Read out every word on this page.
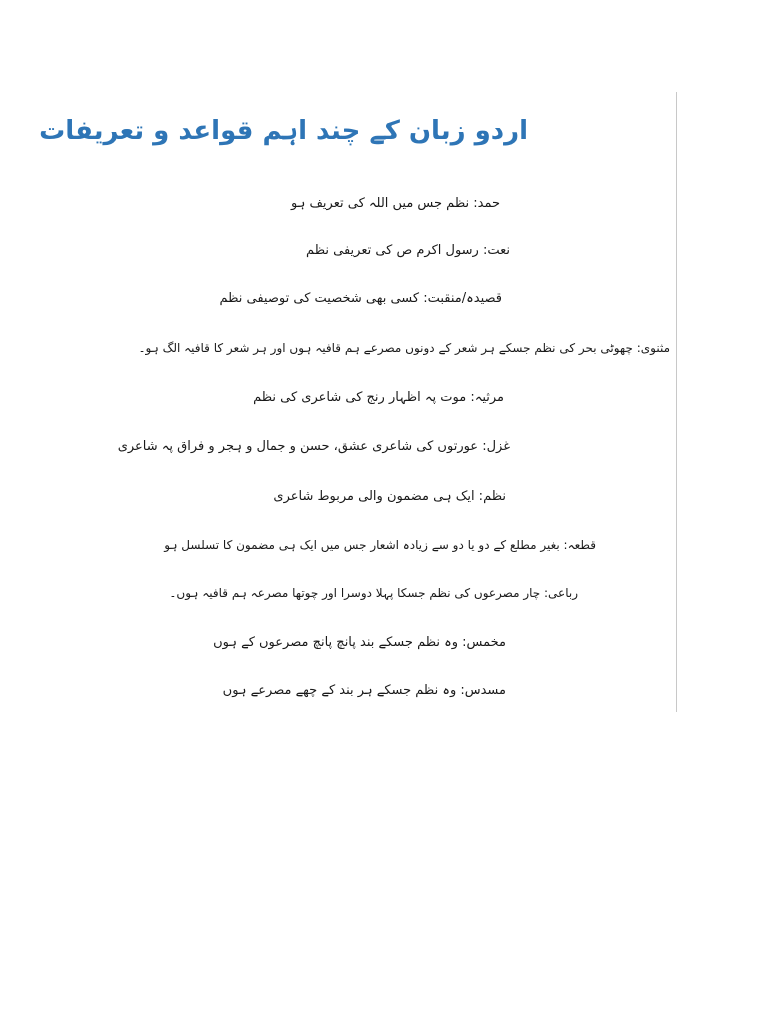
اردو زبان کے چند اہم قواعد و تعریفات
حمد: نظم جس میں اللہ کی تعریف ہو
نعت: رسول اکرم ص کی تعریفی نظم
قصیدہ/منقبت: کسی بھی شخصیت کی توصیفی نظم
مثنوی: چھوٹی بحر کی نظم جسکے ہر شعر کے دونوں مصرعے ہم قافیہ ہوں اور ہر شعر کا قافیہ الگ ہو۔
مرثیہ: موت پہ اظہار رنج کی شاعری کی نظم
غزل: عورتوں کی شاعری عشق، حسن و جمال و ہجر و فراق پہ شاعری
نظم: ایک ہی مضمون والی مربوط شاعری
قطعہ: بغیر مطلع کے دو یا دو سے زیادہ اشعار جس میں ایک ہی مضمون کا تسلسل ہو
رباعی: چار مصرعوں کی نظم جسکا پہلا دوسرا اور چوتھا مصرعہ ہم قافیہ ہوں۔
مخمس: وہ نظم جسکے بند پانچ پانچ مصرعوں کے ہوں
مسدس: وہ نظم جسکے ہر بند کے چھے مصرعے ہوں
